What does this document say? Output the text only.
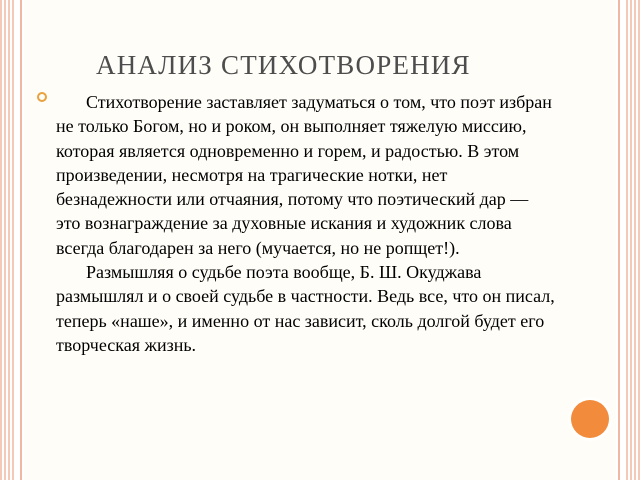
АНАЛИЗ СТИХОТВОРЕНИЯ

Стихотворение заставляет задуматься о том, что поэт избран не только Богом, но и роком, он выполняет тяжелую миссию, которая является одновременно и горем, и радостью. В этом произведении, несмотря на трагические нотки, нет безнадежности или отчаяния, потому что поэтический дар — это вознаграждение за духовные искания и художник слова всегда благодарен за него (мучается, но не ропщет!).

Размышляя о судьбе поэта вообще, Б. Ш. Окуджава размышлял и о своей судьбе в частности. Ведь все, что он писал, теперь «наше», и именно от нас зависит, сколь долгой будет его творческая жизнь.
